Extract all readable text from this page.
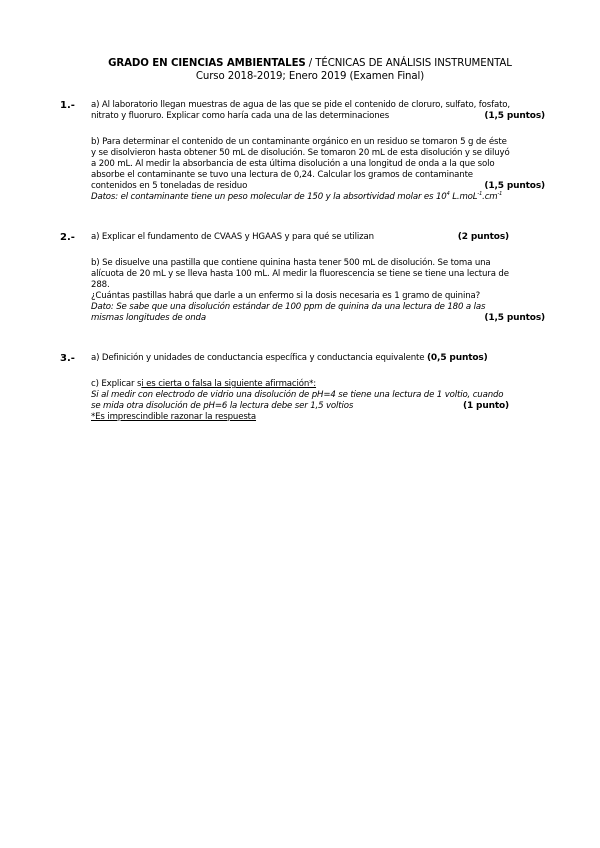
GRADO EN CIENCIAS AMBIENTALES / TÉCNICAS DE ANÁLISIS INSTRUMENTAL
Curso 2018-2019; Enero 2019 (Examen Final)
1.- a) Al laboratorio llegan muestras de agua de las que se pide el contenido de cloruro, sulfato, fosfato,
nitrato y fluoruro. Explicar como haría cada una de las determinaciones	(1,5 puntos)
b) Para determinar el contenido de un contaminante orgánico en un residuo se tomaron 5 g de éste
y se disolvieron hasta obtener 50 mL de disolución. Se tomaron 20 mL de esta disolución y se diluyó
a 200 mL. Al medir la absorbancia de esta última disolución a una longitud de onda a la que solo
absorbe el contaminante se tuvo una lectura de 0,24. Calcular los gramos de contaminante
contenidos en 5 toneladas de residuo	(1,5 puntos)
Datos: el contaminante tiene un peso molecular de 150 y la absortividad molar es $10^4$ $L.moL^{-1}.cm^{-1}$
2.- a) Explicar el fundamento de CVAAS y HGAAS y para qué se utilizan	(2 puntos)
b) Se disuelve una pastilla que contiene quinina hasta tener 500 mL de disolución. Se toma una
alícuota de 20 mL y se lleva hasta 100 mL. Al medir la fluorescencia se tiene se tiene una lectura de
288.
¿Cuántas pastillas habrá que darle a un enfermo si la dosis necesaria es 1 gramo de quinina?
Dato: Se sabe que una disolución estándar de 100 ppm de quinina da una lectura de 180 a las
mismas longitudes de onda	(1,5 puntos)
3.- a) Definición y unidades de conductancia específica y conductancia equivalente (0,5 puntos)
c) Explicar si es cierta o falsa la siguiente afirmación*:
Si al medir con electrodo de vidrio una disolución de pH=4 se tiene una lectura de 1 voltio, cuando
se mida otra disolución de pH=6 la lectura debe ser 1,5 voltios	(1 punto)
*Es imprescindible razonar la respuesta
